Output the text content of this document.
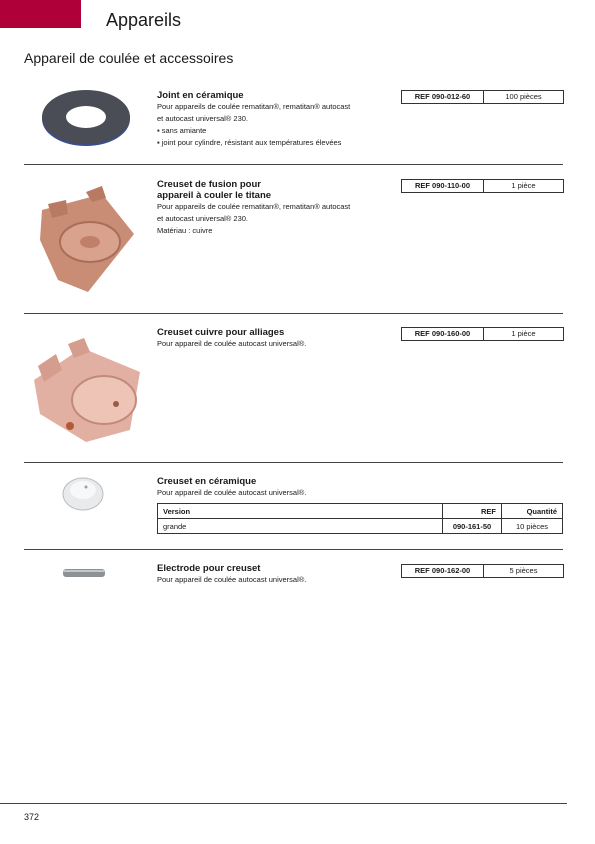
Appareils
Appareil de coulée et accessoires

Joint en céramique

Pour appareils de coulée rematitan®, rematitan® autocast
et autocast universal® 230.
▪ sans amiante
▪ joint pour cylindre, résistant aux températures élevées

REF 090-012-60	100 pièces

Creuset de fusion pour
appareil à couler le titane

Pour appareils de coulée rematitan®, rematitan® autocast
et autocast universal® 230.
Matériau : cuivre

REF 090-110-00	1 pièce

Creuset cuivre pour alliages

Pour appareil de coulée autocast universal®.

REF 090-160-00	1 pièce

Creuset en céramique

Pour appareil de coulée autocast universal®.

Version	REF	Quantité
grande	090-161-50	10 pièces

Electrode pour creuset

Pour appareil de coulée autocast universal®.

REF 090-162-00	5 pièces
372
